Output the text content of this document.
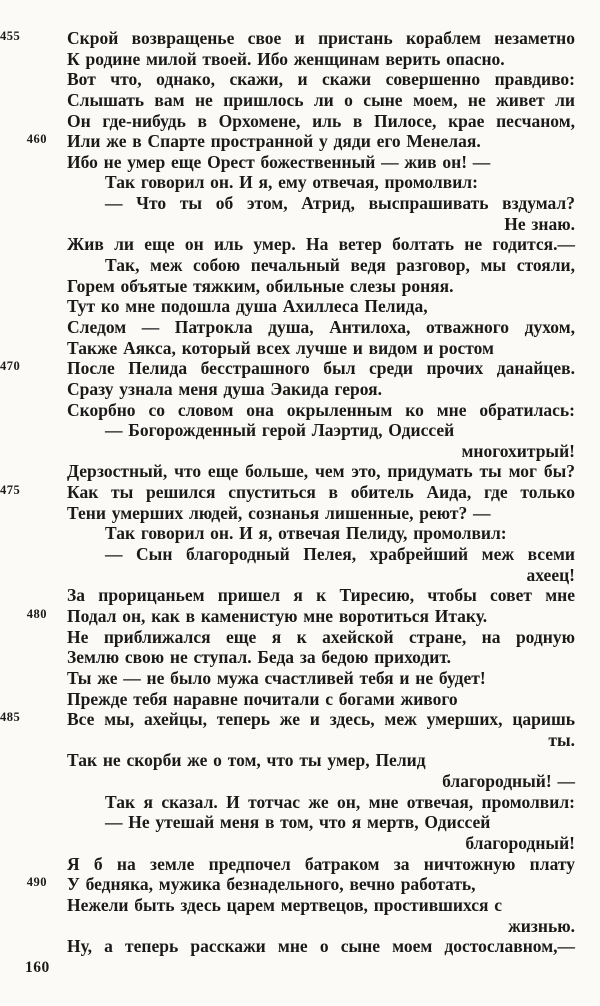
455	Скрой возвращенье свое и пристань кораблем незаметно
К родине милой твоей. Ибо женщинам верить опасно.
Вот что, однако, скажи, и скажи совершенно правдиво:
Слышать вам не пришлось ли о сыне моем, не живет ли
Он где-нибудь в Орхомене, иль в Пилосе, крае песчаном,
460 Или же в Спарте пространной у дяди его Менелая.
Ибо не умер еще Орест божественный — жив он! —
Так говорил он. И я, ему отвечая, промолвил:
— Что ты об этом, Атрид, выспрашивать вздумал?
Не знаю.
Жив ли еще он иль умер. На ветер болтать не годится.—
Так, меж собою печальный ведя разговор, мы стояли,
Горем объятые тяжким, обильные слезы роняя.
Тут ко мне подошла душа Ахиллеса Пелида,
Следом — Патрокла душа, Антилоха, отважного духом,
Также Аякса, который всех лучше и видом и ростом
470	После Пелида бесстрашного был среди прочих данайцев.
Сразу узнала меня душа Эакида героя.
Скорбно со словом она окрыленным ко мне обратилась:
— Богорожденный герой Лаэртид, Одиссей
многохитрый!
Дерзостный, что еще больше, чем это, придумать ты мог бы?
475	Как ты решился спуститься в обитель Аида, где только
Тени умерших людей, сознанья лишенные, реют? —
Так говорил он. И я, отвечая Пелиду, промолвил:
— Сын благородный Пелея, храбрейший меж всеми
ахеец!
За прорицаньем пришел я к Тиресию, чтобы совет мне
480 Подал он, как в каменистую мне воротиться Итаку.
Не приближался еще я к ахейской стране, на родную
Землю свою не ступал. Беда за бедою приходит.
Ты же — не было мужа счастливей тебя и не будет!
Прежде тебя наравне почитали с богами живого
485	Все мы, ахейцы, теперь же и здесь, меж умерших, царишь
ты.
Так не скорби же о том, что ты умер, Пелид
благородный! —
Так я сказал. И тотчас же он, мне отвечая, промолвил:
— Не утешай меня в том, что я мертв, Одиссей
благородный!
Я б на земле предпочел батраком за ничтожную плату
490 У бедняка, мужика безнадельного, вечно работать,
Нежели быть здесь царем мертвецов, простившихся с
жизнью.
Ну, а теперь расскажи мне о сыне моем достославном,—
160
